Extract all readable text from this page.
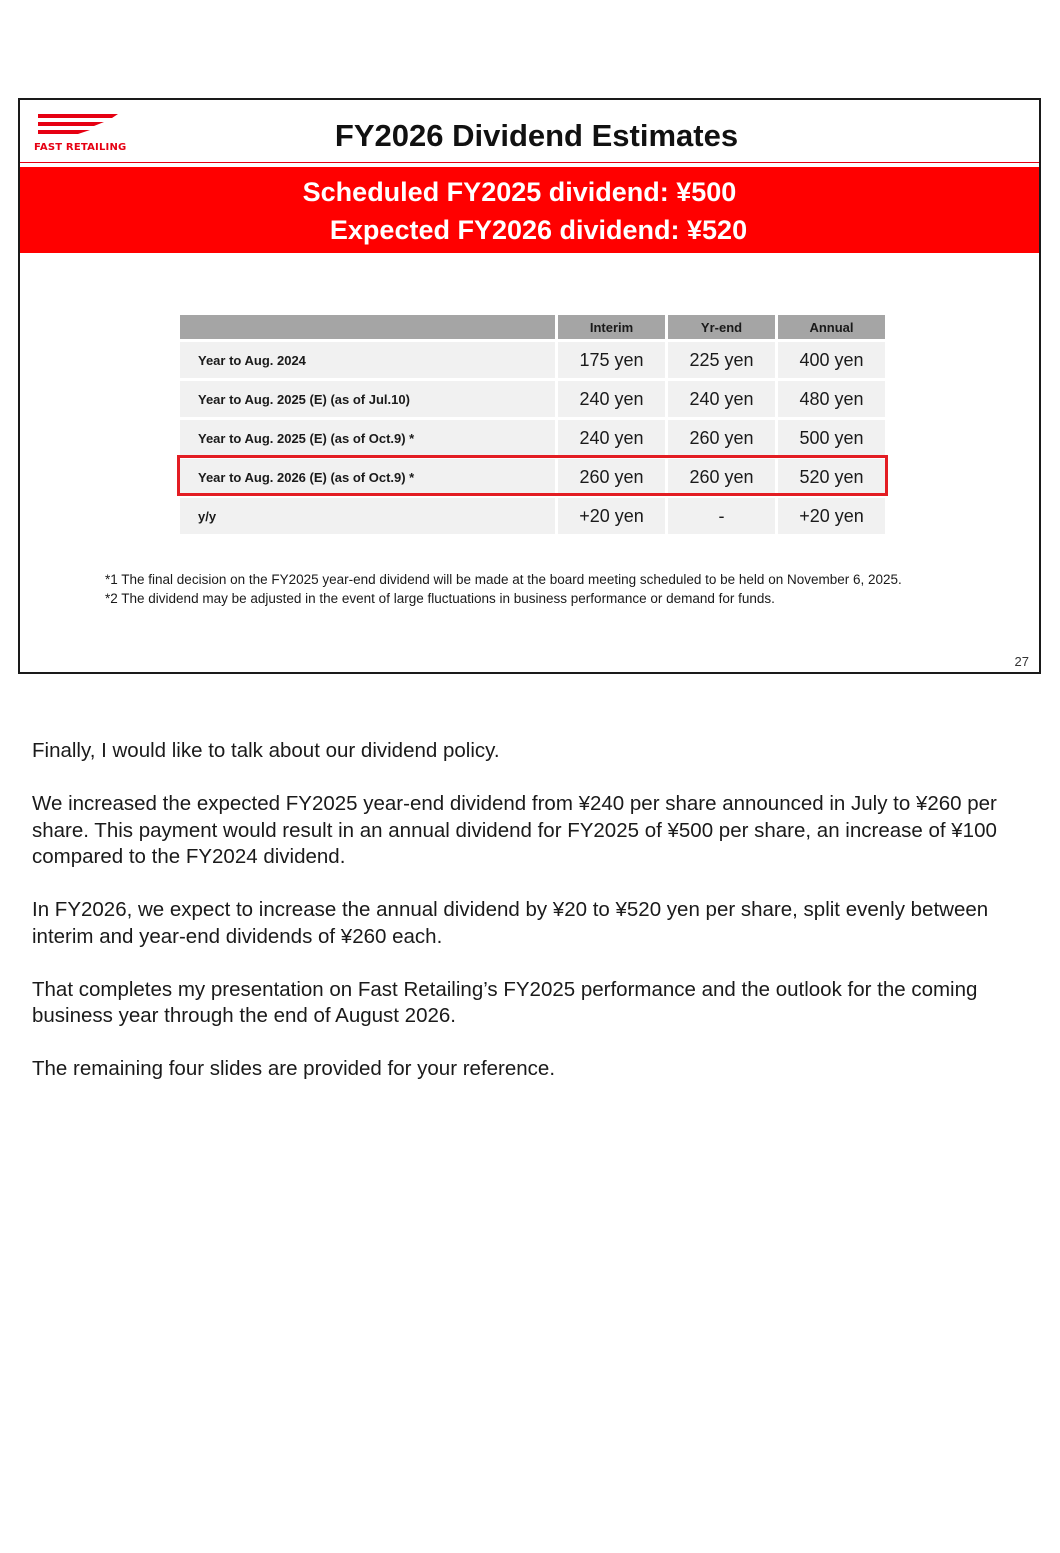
FAST RETAILING	FY2026 Dividend Estimates
Scheduled FY2025 dividend: ¥500
Expected FY2026 dividend: ¥520
	Interim	Yr-end	Annual
Year to Aug. 2024	175 yen	225 yen	400 yen
Year to Aug. 2025 (E) (as of Jul.10)	240 yen	240 yen	480 yen
Year to Aug. 2025 (E) (as of Oct.9) *	240 yen	260 yen	500 yen
Year to Aug. 2026 (E) (as of Oct.9) *	260 yen	260 yen	520 yen
y/y	+20 yen	-	+20 yen
*1 The final decision on the FY2025 year-end dividend will be made at the board meeting scheduled to be held on November 6, 2025.
*2 The dividend may be adjusted in the event of large fluctuations in business performance or demand for funds.
27

Finally, I would like to talk about our dividend policy.

We increased the expected FY2025 year-end dividend from ¥240 per share announced in July to ¥260 per share. This payment would result in an annual dividend for FY2025 of ¥500 per share, an increase of ¥100 compared to the FY2024 dividend.

In FY2026, we expect to increase the annual dividend by ¥20 to ¥520 yen per share, split evenly between interim and year-end dividends of ¥260 each.

That completes my presentation on Fast Retailing’s FY2025 performance and the outlook for the coming business year through the end of August 2026.

The remaining four slides are provided for your reference.
